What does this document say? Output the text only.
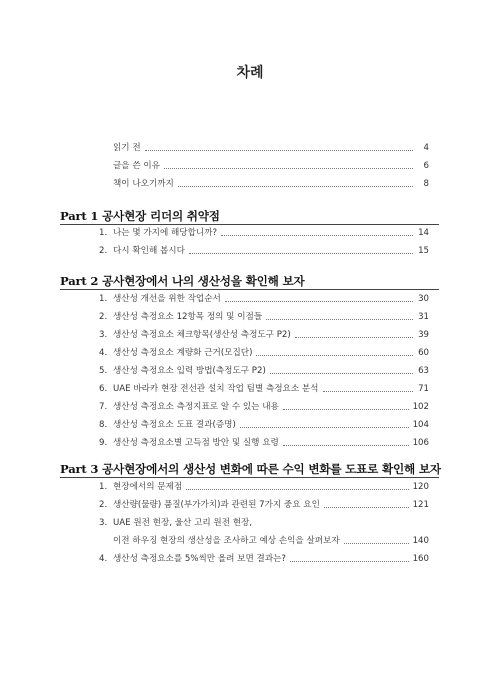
차례
읽기 전	4
글을 쓴 이유	6
책이 나오기까지	8
Part 1 공사현장 리더의 취약점
1. 나는 몇 가지에 해당합니까?	14
2. 다시 확인해 봅시다	15
Part 2 공사현장에서 나의 생산성을 확인해 보자
1. 생산성 개선을 위한 작업순서	30
2. 생산성 측정요소 12항목 정의 및 이점들	31
3. 생산성 측정요소 체크항목(생산성 측정도구 P2)	39
4. 생산성 측정요소 계량화 근거(모집단)	60
5. 생산성 측정요소 입력 방법(측정도구 P2)	63
6. UAE 바라카 현장 전선관 설치 작업 팀별 측정요소 분석	71
7. 생산성 측정요소 측정지표로 알 수 있는 내용	102
8. 생산성 측정요소 도표 결과(증명)	104
9. 생산성 측정요소별 고득점 방안 및 실행 요령	106
Part 3 공사현장에서의 생산성 변화에 따른 수익 변화를 도표로 확인해 보자
1. 현장에서의 문제점	120
2. 생산량(물량) 품질(부가가치)과 관련된 7가지 중요 요인	121
3. UAE 원전 현장, 울산 고리 원전 현장,
이전 하우징 현장의 생산성을 조사하고 예상 손익을 살펴보자	140
4. 생산성 측정요소를 5%씩만 올려 보면 결과는?	160
